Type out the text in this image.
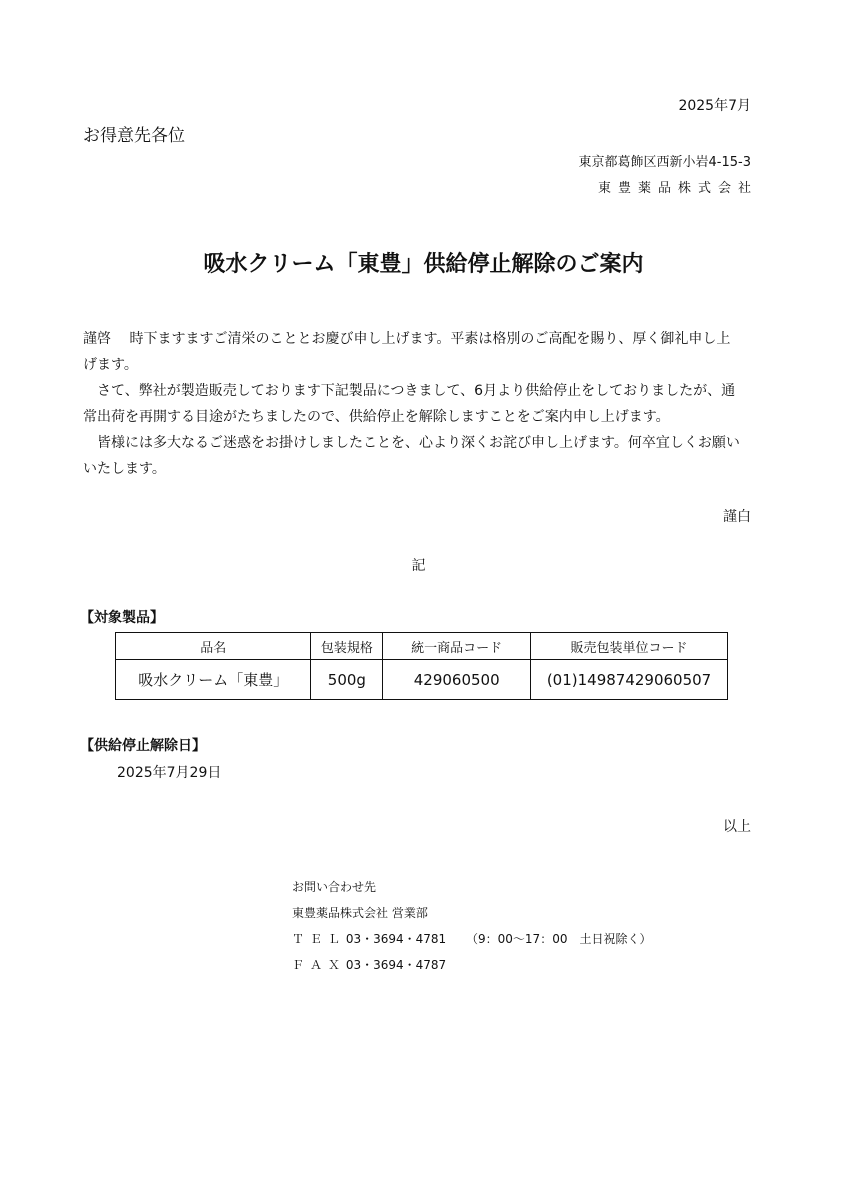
2025年7月
お得意先各位
東京都葛飾区西新小岩4-15-3
東豊薬品株式会社
吸水クリーム「東豊」供給停止解除のご案内

謹啓　 時下ますますご清栄のこととお慶び申し上げます。平素は格別のご高配を賜り、厚く御礼申し上げます。

さて、弊社が製造販売しております下記製品につきまして、6月より供給停止をしておりましたが、通常出荷を再開する目途がたちましたので、供給停止を解除しますことをご案内申し上げます。

皆様には多大なるご迷惑をお掛けしましたことを、心より深くお詫び申し上げます。何卒宜しくお願いいたします。

謹白
記
【対象製品】
品名	包装規格	統一商品コード	販売包装単位コード
吸水クリーム「東豊」	500g	429060500	(01)14987429060507
【供給停止解除日】
2025年7月29日
以上
お問い合わせ先
東豊薬品株式会社 営業部
ＴＥＬ 03・3694・4781 （9：00～17：00　土日祝除く）
ＦＡＸ 03・3694・4787
